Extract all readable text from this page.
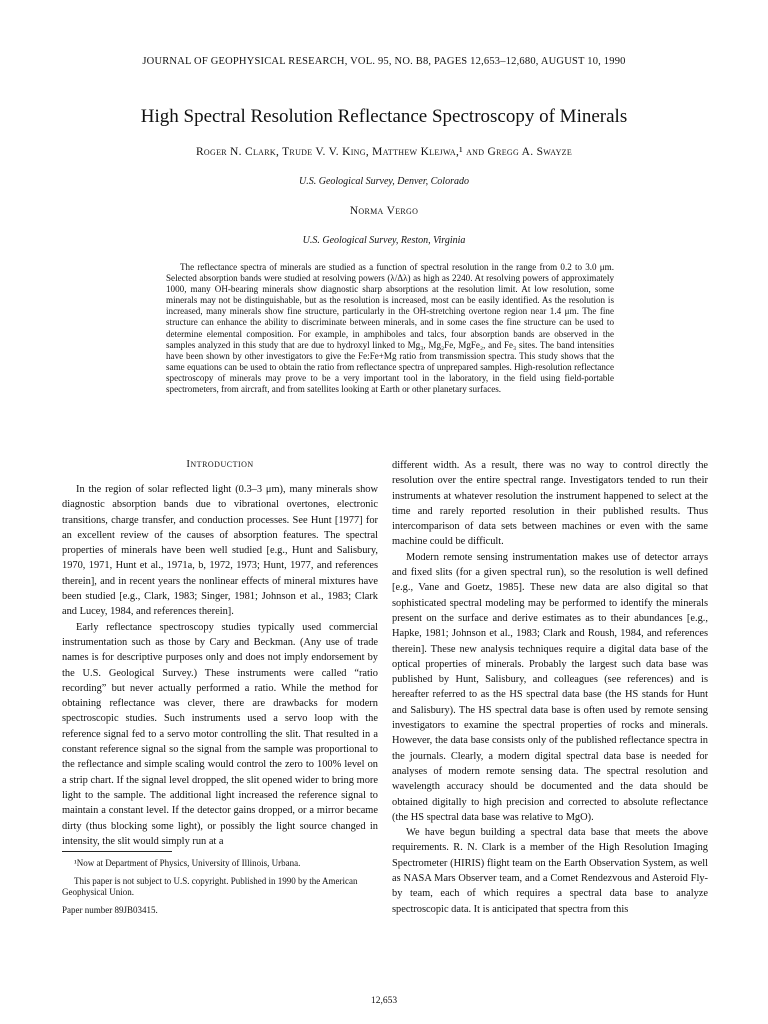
JOURNAL OF GEOPHYSICAL RESEARCH, VOL. 95, NO. B8, PAGES 12,653–12,680, AUGUST 10, 1990
High Spectral Resolution Reflectance Spectroscopy of Minerals
Roger N. Clark, Trude V. V. King, Matthew Klejwa,¹ and Gregg A. Swayze
U.S. Geological Survey, Denver, Colorado
Norma Vergo
U.S. Geological Survey, Reston, Virginia
The reflectance spectra of minerals are studied as a function of spectral resolution in the range from 0.2 to 3.0 μm. Selected absorption bands were studied at resolving powers (λ/Δλ) as high as 2240. At resolving powers of approximately 1000, many OH-bearing minerals show diagnostic sharp absorptions at the resolution limit. At low resolution, some minerals may not be distinguishable, but as the resolution is increased, most can be easily identified. As the resolution is increased, many minerals show fine structure, particularly in the OH-stretching overtone region near 1.4 μm. The fine structure can enhance the ability to discriminate between minerals, and in some cases the fine structure can be used to determine elemental composition. For example, in amphiboles and talcs, four absorption bands are observed in the samples analyzed in this study that are due to hydroxyl linked to Mg₃, Mg₂Fe, MgFe₂, and Fe₃ sites. The band intensities have been shown by other investigators to give the Fe:Fe+Mg ratio from transmission spectra. This study shows that the same equations can be used to obtain the ratio from reflectance spectra of unprepared samples. High-resolution reflectance spectroscopy of minerals may prove to be a very important tool in the laboratory, in the field using field-portable spectrometers, from aircraft, and from satellites looking at Earth or other planetary surfaces.
Introduction

In the region of solar reflected light (0.3–3 μm), many minerals show diagnostic absorption bands due to vibrational overtones, electronic transitions, charge transfer, and conduction processes. See Hunt [1977] for an excellent review of the causes of absorption features. The spectral properties of minerals have been well studied [e.g., Hunt and Salisbury, 1970, 1971, Hunt et al., 1971a, b, 1972, 1973; Hunt, 1977, and references therein], and in recent years the nonlinear effects of mineral mixtures have been studied [e.g., Clark, 1983; Singer, 1981; Johnson et al., 1983; Clark and Lucey, 1984, and references therein].

Early reflectance spectroscopy studies typically used commercial instrumentation such as those by Cary and Beckman. (Any use of trade names is for descriptive purposes only and does not imply endorsement by the U.S. Geological Survey.) These instruments were called “ratio recording” but never actually performed a ratio. While the method for obtaining reflectance was clever, there are drawbacks for modern spectroscopic studies. Such instruments used a servo loop with the reference signal fed to a servo motor controlling the slit. That resulted in a constant reference signal so the signal from the sample was proportional to the reflectance and simple scaling would control the zero to 100% level on a strip chart. If the signal level dropped, the slit opened wider to bring more light to the sample. The additional light increased the reference signal to maintain a constant level. If the detector gains dropped, or a mirror became dirty (thus blocking some light), or possibly the light source changed in intensity, the slit would simply run at a

¹Now at Department of Physics, University of Illinois, Urbana.

This paper is not subject to U.S. copyright. Published in 1990 by the American Geophysical Union.

Paper number 89JB03415.

different width. As a result, there was no way to control directly the resolution over the entire spectral range. Investigators tended to run their instruments at whatever resolution the instrument happened to select at the time and rarely reported resolution in their published results. Thus intercomparison of data sets between machines or even with the same machine could be difficult.

Modern remote sensing instrumentation makes use of detector arrays and fixed slits (for a given spectral run), so the resolution is well defined [e.g., Vane and Goetz, 1985]. These new data are also digital so that sophisticated spectral modeling may be performed to identify the minerals present on the surface and derive estimates as to their abundances [e.g., Hapke, 1981; Johnson et al., 1983; Clark and Roush, 1984, and references therein]. These new analysis techniques require a digital data base of the optical properties of minerals. Probably the largest such data base was published by Hunt, Salisbury, and colleagues (see references) and is hereafter referred to as the HS spectral data base (the HS stands for Hunt and Salisbury). The HS spectral data base is often used by remote sensing investigators to examine the spectral properties of rocks and minerals. However, the data base consists only of the published reflectance spectra in the journals. Clearly, a modern digital spectral data base is needed for analyses of modern remote sensing data. The spectral resolution and wavelength accuracy should be documented and the data should be obtained digitally to high precision and corrected to absolute reflectance (the HS spectral data base was relative to MgO).

We have begun building a spectral data base that meets the above requirements. R. N. Clark is a member of the High Resolution Imaging Spectrometer (HIRIS) flight team on the Earth Observation System, as well as NASA Mars Observer team, and a Comet Rendezvous and Asteroid Fly-by team, each of which requires a spectral data base to analyze spectroscopic data. It is anticipated that spectra from this

12,653
